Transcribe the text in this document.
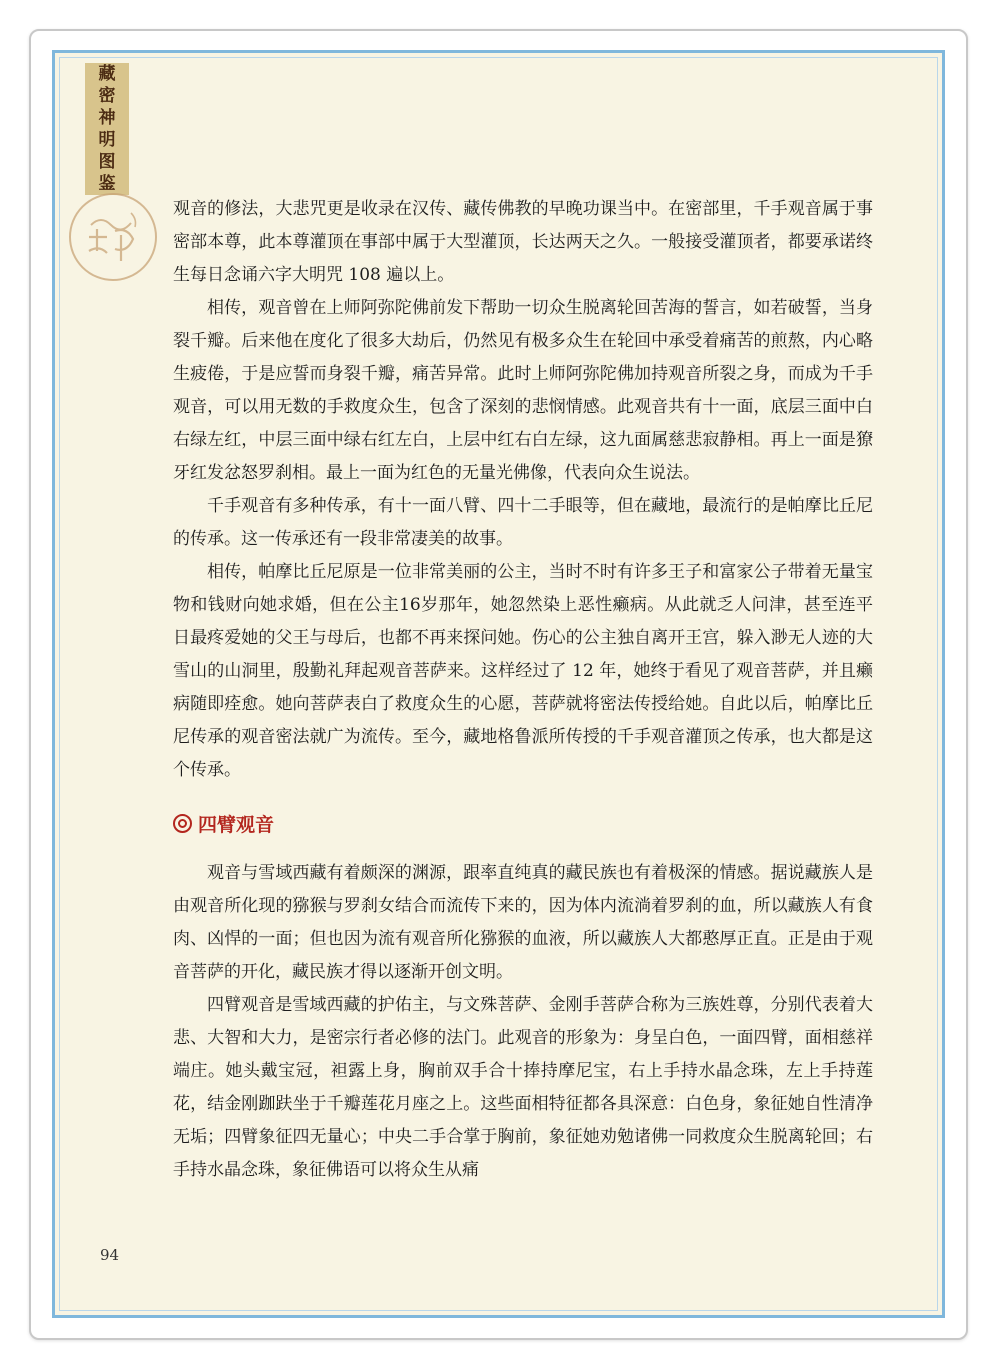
藏
密
神
明
图
鉴

观音的修法，大悲咒更是收录在汉传、藏传佛教的早晚功课当中。在密部里，千手观音属于事密部本尊，此本尊灌顶在事部中属于大型灌顶，长达两天之久。一般接受灌顶者，都要承诺终生每日念诵六字大明咒 108 遍以上。

相传，观音曾在上师阿弥陀佛前发下帮助一切众生脱离轮回苦海的誓言，如若破誓，当身裂千瓣。后来他在度化了很多大劫后，仍然见有极多众生在轮回中承受着痛苦的煎熬，内心略生疲倦，于是应誓而身裂千瓣，痛苦异常。此时上师阿弥陀佛加持观音所裂之身，而成为千手观音，可以用无数的手救度众生，包含了深刻的悲悯情感。此观音共有十一面，底层三面中白右绿左红，中层三面中绿右红左白，上层中红右白左绿，这九面属慈悲寂静相。再上一面是獠牙红发忿怒罗刹相。最上一面为红色的无量光佛像，代表向众生说法。

千手观音有多种传承，有十一面八臂、四十二手眼等，但在藏地，最流行的是帕摩比丘尼的传承。这一传承还有一段非常凄美的故事。

相传，帕摩比丘尼原是一位非常美丽的公主，当时不时有许多王子和富家公子带着无量宝物和钱财向她求婚，但在公主16岁那年，她忽然染上恶性癞病。从此就乏人问津，甚至连平日最疼爱她的父王与母后，也都不再来探问她。伤心的公主独自离开王宫，躲入渺无人迹的大雪山的山洞里，殷勤礼拜起观音菩萨来。这样经过了 12 年，她终于看见了观音菩萨，并且癞病随即痊愈。她向菩萨表白了救度众生的心愿，菩萨就将密法传授给她。自此以后，帕摩比丘尼传承的观音密法就广为流传。至今，藏地格鲁派所传授的千手观音灌顶之传承，也大都是这个传承。

四臂观音

观音与雪域西藏有着颇深的渊源，跟率直纯真的藏民族也有着极深的情感。据说藏族人是由观音所化现的猕猴与罗刹女结合而流传下来的，因为体内流淌着罗刹的血，所以藏族人有食肉、凶悍的一面；但也因为流有观音所化猕猴的血液，所以藏族人大都憨厚正直。正是由于观音菩萨的开化，藏民族才得以逐渐开创文明。

四臂观音是雪域西藏的护佑主，与文殊菩萨、金刚手菩萨合称为三族姓尊，分别代表着大悲、大智和大力，是密宗行者必修的法门。此观音的形象为：身呈白色，一面四臂，面相慈祥端庄。她头戴宝冠，袒露上身，胸前双手合十捧持摩尼宝，右上手持水晶念珠，左上手持莲花，结金刚跏趺坐于千瓣莲花月座之上。这些面相特征都各具深意：白色身，象征她自性清净无垢；四臂象征四无量心；中央二手合掌于胸前，象征她劝勉诸佛一同救度众生脱离轮回；右手持水晶念珠，象征佛语可以将众生从痛

94
